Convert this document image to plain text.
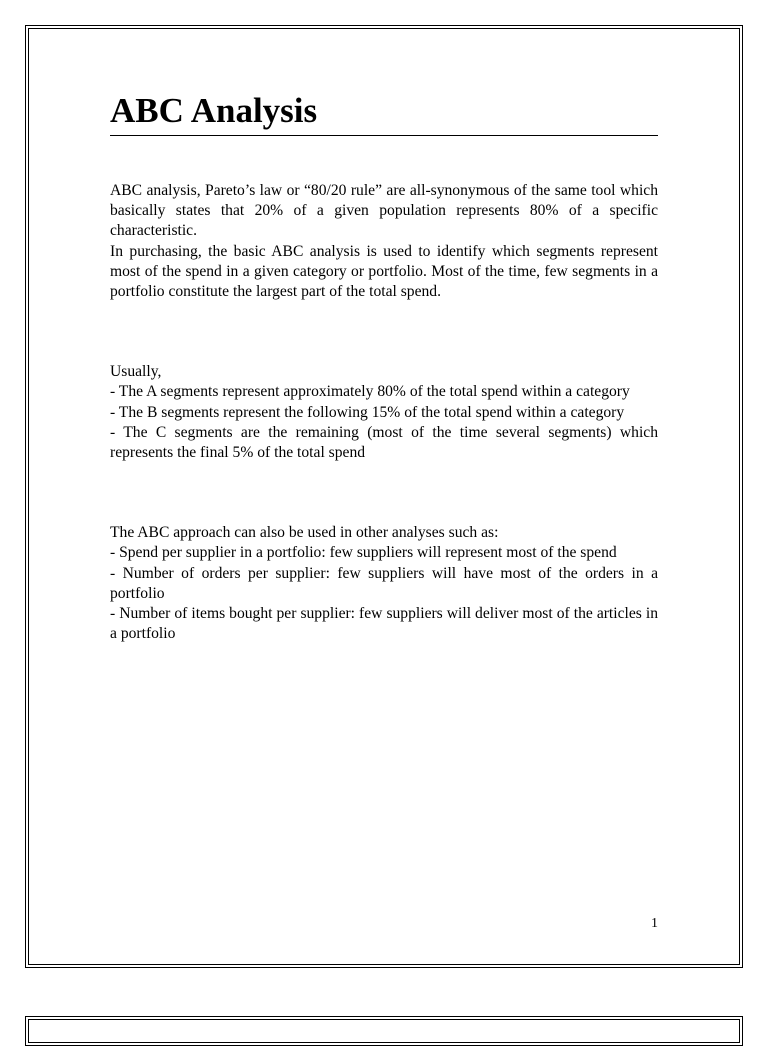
ABC Analysis
ABC analysis, Pareto’s law or “80/20 rule” are all-synonymous of the same tool which basically states that 20% of a given population represents 80% of a specific characteristic.
In purchasing, the basic ABC analysis is used to identify which segments represent most of the spend in a given category or portfolio. Most of the time, few segments in a portfolio constitute the largest part of the total spend.
Usually,
- The A segments represent approximately 80% of the total spend within a category
- The B segments represent the following 15% of the total spend within a category
- The C segments are the remaining (most of the time several segments) which represents the final 5% of the total spend
The ABC approach can also be used in other analyses such as:
- Spend per supplier in a portfolio: few suppliers will represent most of the spend
- Number of orders per supplier: few suppliers will have most of the orders in a portfolio
- Number of items bought per supplier: few suppliers will deliver most of the articles in a portfolio
1
